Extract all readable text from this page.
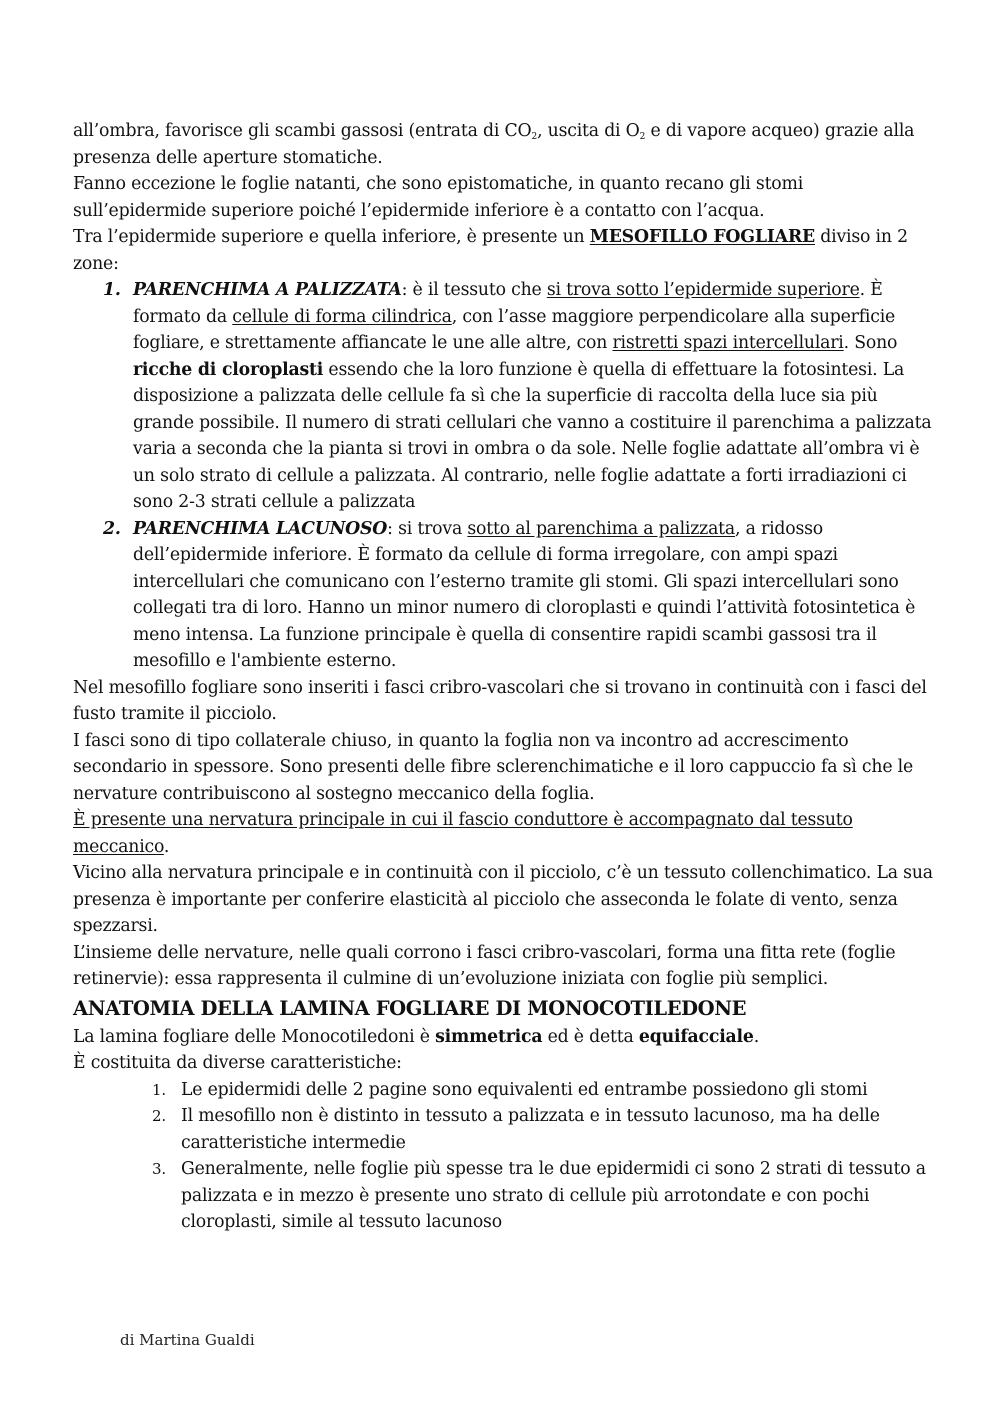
all’ombra, favorisce gli scambi gassosi (entrata di $CO_2$, uscita di $O_2$ e di vapore acqueo) grazie alla presenza delle aperture stomatiche.

Fanno eccezione le foglie natanti, che sono epistomatiche, in quanto recano gli stomi sull’epidermide superiore poiché l’epidermide inferiore è a contatto con l’acqua.

Tra l’epidermide superiore e quella inferiore, è presente un MESOFILLO FOGLIARE diviso in 2 zone:

1. PARENCHIMA A PALIZZATA: è il tessuto che si trova sotto l’epidermide superiore. È formato da cellule di forma cilindrica, con l’asse maggiore perpendicolare alla superficie fogliare, e strettamente affiancate le une alle altre, con ristretti spazi intercellulari. Sono ricche di cloroplasti essendo che la loro funzione è quella di effettuare la fotosintesi. La disposizione a palizzata delle cellule fa sì che la superficie di raccolta della luce sia più grande possibile. Il numero di strati cellulari che vanno a costituire il parenchima a palizzata varia a seconda che la pianta si trovi in ombra o da sole. Nelle foglie adattate all’ombra vi è un solo strato di cellule a palizzata. Al contrario, nelle foglie adattate a forti irradiazioni ci sono 2-3 strati cellule a palizzata
2. PARENCHIMA LACUNOSO: si trova sotto al parenchima a palizzata, a ridosso dell’epidermide inferiore. È formato da cellule di forma irregolare, con ampi spazi intercellulari che comunicano con l’esterno tramite gli stomi. Gli spazi intercellulari sono collegati tra di loro. Hanno un minor numero di cloroplasti e quindi l’attività fotosintetica è meno intensa. La funzione principale è quella di consentire rapidi scambi gassosi tra il mesofillo e l'ambiente esterno.

Nel mesofillo fogliare sono inseriti i fasci cribro-vascolari che si trovano in continuità con i fasci del fusto tramite il picciolo.

I fasci sono di tipo collaterale chiuso, in quanto la foglia non va incontro ad accrescimento secondario in spessore. Sono presenti delle fibre sclerenchimatiche e il loro cappuccio fa sì che le nervature contribuiscono al sostegno meccanico della foglia.

È presente una nervatura principale in cui il fascio conduttore è accompagnato dal tessuto meccanico.

Vicino alla nervatura principale e in continuità con il picciolo, c’è un tessuto collenchimatico. La sua presenza è importante per conferire elasticità al picciolo che asseconda le folate di vento, senza spezzarsi.

L’insieme delle nervature, nelle quali corrono i fasci cribro-vascolari, forma una fitta rete (foglie retinervie): essa rappresenta il culmine di un’evoluzione iniziata con foglie più semplici.

ANATOMIA DELLA LAMINA FOGLIARE DI MONOCOTILEDONE

La lamina fogliare delle Monocotiledoni è simmetrica ed è detta equifacciale.

È costituita da diverse caratteristiche:

1. Le epidermidi delle 2 pagine sono equivalenti ed entrambe possiedono gli stomi
2. Il mesofillo non è distinto in tessuto a palizzata e in tessuto lacunoso, ma ha delle caratteristiche intermedie
3. Generalmente, nelle foglie più spesse tra le due epidermidi ci sono 2 strati di tessuto a palizzata e in mezzo è presente uno strato di cellule più arrotondate e con pochi cloroplasti, simile al tessuto lacunoso
di Martina Gualdi
